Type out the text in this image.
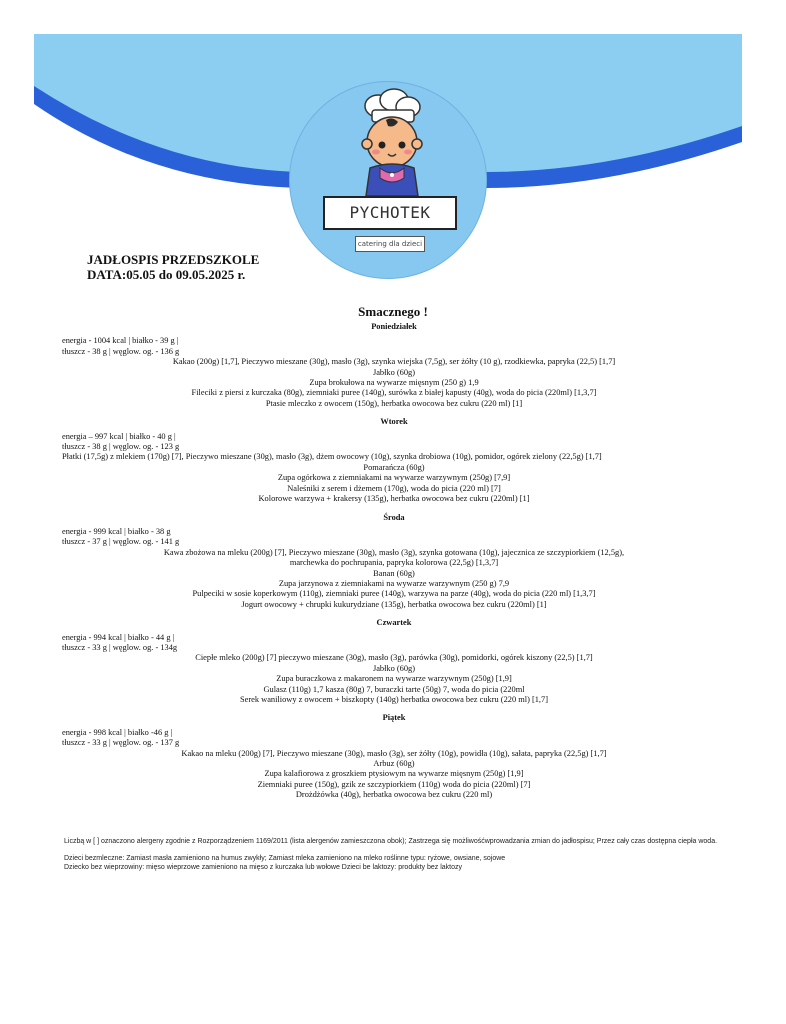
PYCHOTEK
catering dla dzieci
JADŁOSPIS PRZEDSZKOLE
DATA:05.05 do 09.05.2025 r.
Smacznego !
Poniedziałek
energia - 1004 kcal | białko - 39 g |
tłuszcz - 38 g | węglow. og. - 136 g
Kakao (200g) [1,7], Pieczywo mieszane (30g), masło (3g), szynka wiejska (7,5g), ser żółty (10 g), rzodkiewka, papryka (22,5) [1,7]
Jabłko (60g)
Zupa brokułowa na wywarze mięsnym (250 g) 1,9
Fileciki z piersi z kurczaka (80g), ziemniaki puree (140g), surówka z białej kapusty (40g), woda do picia (220ml) [1,3,7]
Ptasie mleczko z owocem (150g), herbatka owocowa bez cukru (220 ml) [1]
Wtorek
energia – 997 kcal | białko - 40 g |
tłuszcz - 38 g | węglow. og. - 123 g
Płatki (17,5g) z mlekiem (170g) [7], Pieczywo mieszane (30g), masło (3g), dżem owocowy (10g), szynka drobiowa (10g), pomidor, ogórek zielony (22,5g) [1,7]
Pomarańcza (60g)
Zupa ogórkowa z ziemniakami na wywarze warzywnym (250g) [7,9]
Naleśniki z serem i dżemem (170g), woda do picia (220 ml) [7]
Kolorowe warzywa + krakersy (135g), herbatka owocowa bez cukru (220ml) [1]
Środa
energia - 999 kcal | białko - 38 g
tłuszcz - 37 g | węglow. og. - 141 g
Kawa zbożowa na mleku (200g) [7], Pieczywo mieszane (30g), masło (3g), szynka gotowana (10g), jajecznica ze szczypiorkiem (12,5g),
marchewka do pochrupania, papryka kolorowa (22,5g) [1,3,7]
Banan (60g)
Zupa jarzynowa z ziemniakami na wywarze warzywnym (250 g) 7,9
Pulpeciki w sosie koperkowym (110g), ziemniaki puree (140g), warzywa na parze (40g), woda do picia (220 ml) [1,3,7]
Jogurt owocowy + chrupki kukurydziane (135g), herbatka owocowa bez cukru (220ml) [1]
Czwartek
energia - 994 kcal | białko - 44 g |
tłuszcz - 33 g | węglow. og. - 134g
Ciepłe mleko (200g) [7] pieczywo mieszane (30g), masło (3g), parówka (30g), pomidorki, ogórek kiszony (22,5) [1,7]
Jabłko (60g)
Zupa buraczkowa z makaronem na wywarze warzywnym (250g) [1,9]
Gulasz (110g) 1,7 kasza (80g) 7, buraczki tarte (50g) 7, woda do picia (220ml
Serek waniliowy z owocem + biszkopty (140g) herbatka owocowa bez cukru (220 ml) [1,7]
Piątek
energia - 998 kcal | białko -46 g |
tłuszcz - 33 g | węglow. og. - 137 g
Kakao na mleku (200g) [7], Pieczywo mieszane (30g), masło (3g), ser żółty (10g), powidła (10g), sałata, papryka (22,5g) [1,7]
Arbuz (60g)
Zupa kalafiorowa z groszkiem ptysiowym na wywarze mięsnym (250g) [1,9]
Ziemniaki puree (150g), gzik ze szczypiorkiem (110g) woda do picia (220ml) [7]
Drożdżówka (40g), herbatka owocowa bez cukru (220 ml)

Liczbą w [ ] oznaczono alergeny zgodnie z Rozporządzeniem 1169/2011 (lista alergenów zamieszczona obok); Zastrzega się możliwośćwprowadzania zmian do jadłospisu; Przez cały czas dostępna ciepła woda.

Dzieci bezmleczne: Zamiast masła zamieniono na humus zwykły; Zamiast mleka zamieniono na mleko roślinne typu: ryżowe, owsiane, sojowe

Dziecko bez wieprzowiny: mięso wieprzowe zamieniono na mięso z kurczaka lub wołowe Dzieci be laktozy: produkty bez laktozy
